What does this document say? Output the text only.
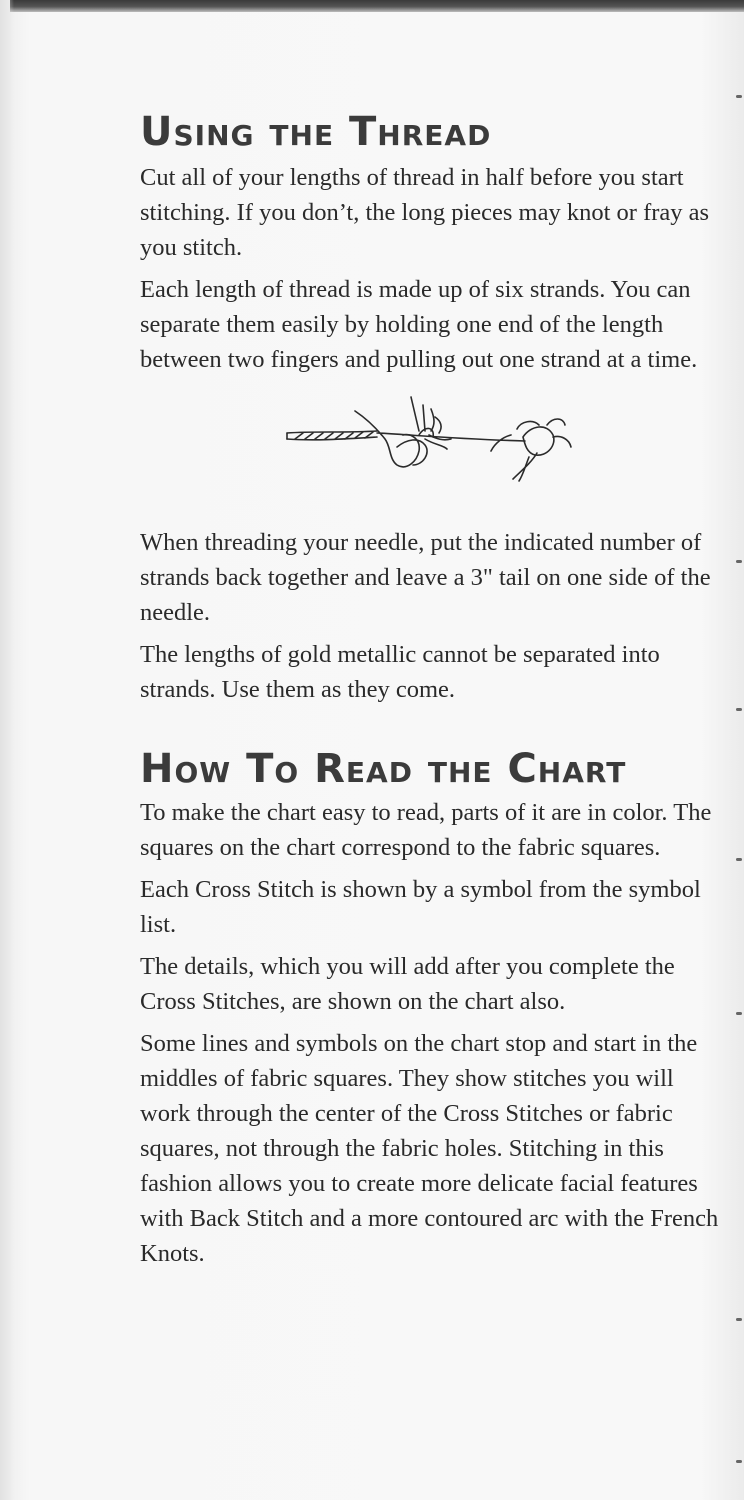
Using the Thread

Cut all of your lengths of thread in half before you start stitching. If you don’t, the long pieces may knot or fray as you stitch.

Each length of thread is made up of six strands. You can separate them easily by holding one end of the length between two fingers and pulling out one strand at a time.

When threading your needle, put the indicated number of strands back together and leave a 3" tail on one side of the needle.

The lengths of gold metallic cannot be separated into strands. Use them as they come.

How To Read the Chart

To make the chart easy to read, parts of it are in color. The squares on the chart correspond to the fabric squares.

Each Cross Stitch is shown by a symbol from the symbol list.

The details, which you will add after you complete the Cross Stitches, are shown on the chart also.

Some lines and symbols on the chart stop and start in the middles of fabric squares. They show stitches you will work through the center of the Cross Stitches or fabric squares, not through the fabric holes. Stitching in this fashion allows you to create more delicate facial features with Back Stitch and a more contoured arc with the French Knots.
